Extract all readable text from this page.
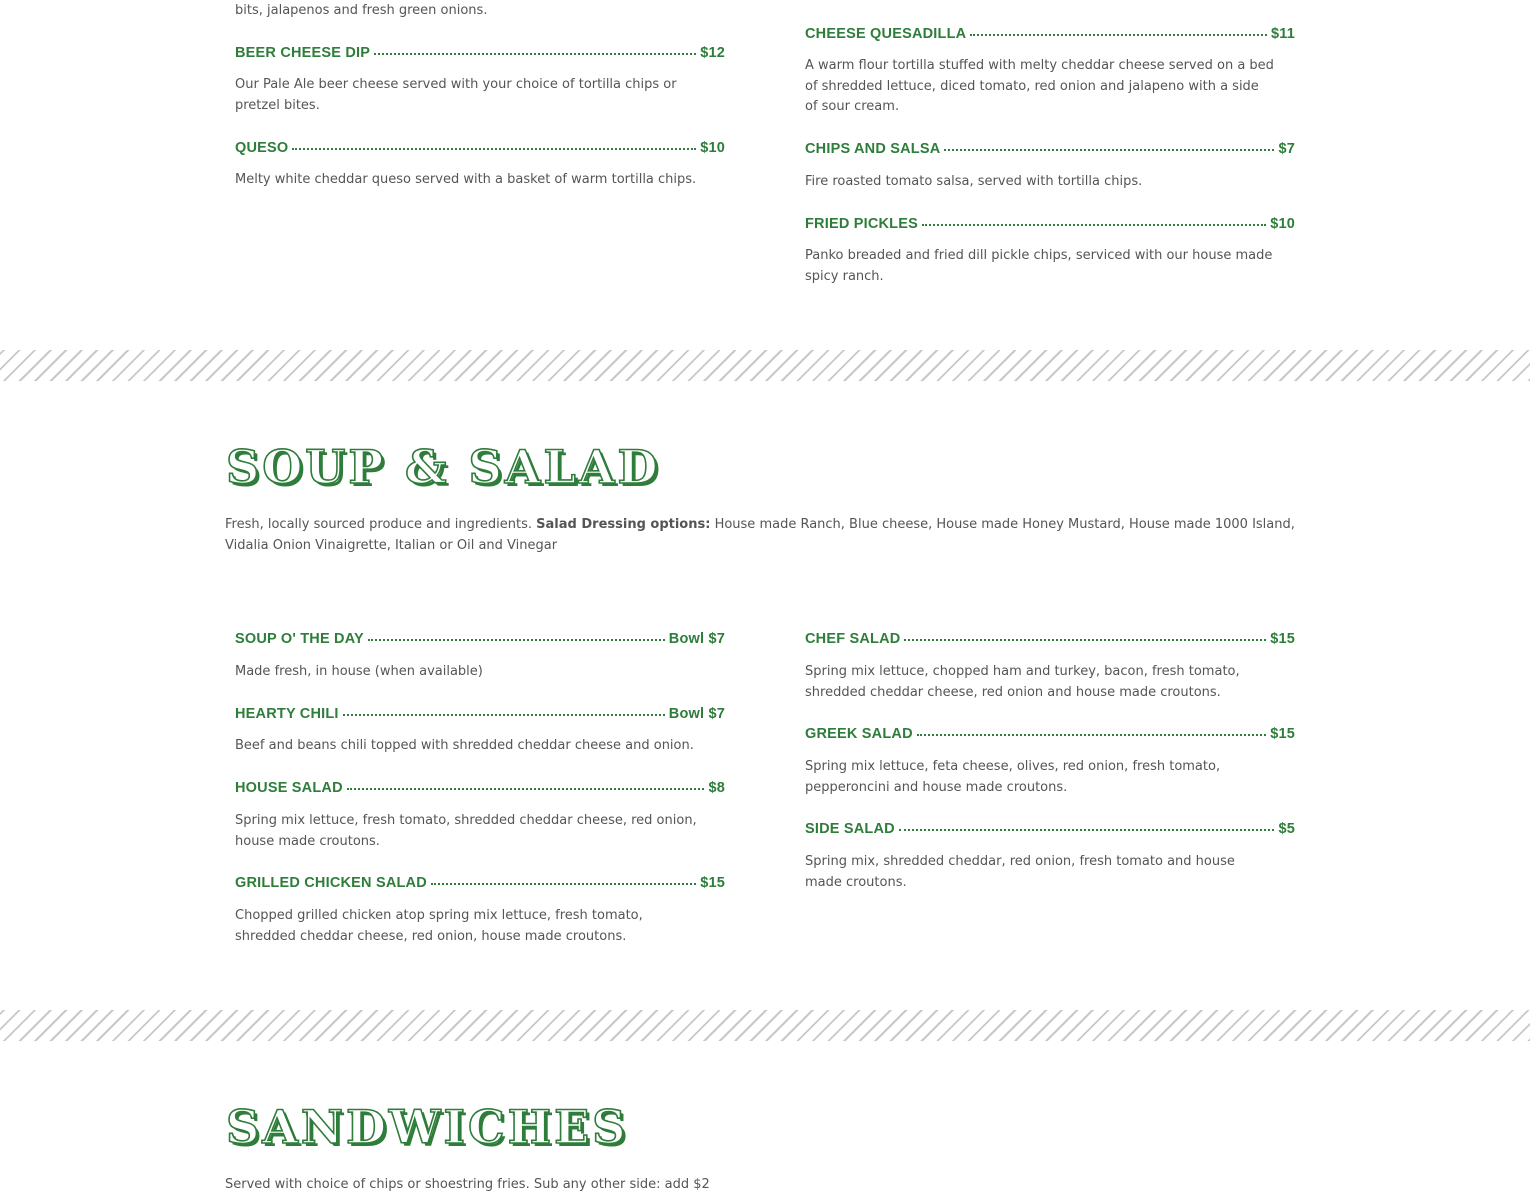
bits, jalapenos and fresh green onions.

BEER CHEESE DIP	$12

Our Pale Ale beer cheese served with your choice of tortilla chips or pretzel bites.

QUESO	$10

Melty white cheddar queso served with a basket of warm tortilla chips.

CHEESE QUESADILLA	$11

A warm flour tortilla stuffed with melty cheddar cheese served on a bed of shredded lettuce, diced tomato, red onion and jalapeno with a side of sour cream.

CHIPS AND SALSA	$7

Fire roasted tomato salsa, served with tortilla chips.

FRIED PICKLES	$10

Panko breaded and fried dill pickle chips, serviced with our house made spicy ranch.

SOUP & SALAD

Fresh, locally sourced produce and ingredients. Salad Dressing options: House made Ranch, Blue cheese, House made Honey Mustard, House made 1000 Island, Vidalia Onion Vinaigrette, Italian or Oil and Vinegar

SOUP O' THE DAY	Bowl $7

Made fresh, in house (when available)

HEARTY CHILI	Bowl $7

Beef and beans chili topped with shredded cheddar cheese and onion.

HOUSE SALAD	$8

Spring mix lettuce, fresh tomato, shredded cheddar cheese, red onion, house made croutons.

GRILLED CHICKEN SALAD	$15

Chopped grilled chicken atop spring mix lettuce, fresh tomato, shredded cheddar cheese, red onion, house made croutons.

CHEF SALAD	$15

Spring mix lettuce, chopped ham and turkey, bacon, fresh tomato, shredded cheddar cheese, red onion and house made croutons.

GREEK SALAD	$15

Spring mix lettuce, feta cheese, olives, red onion, fresh tomato, pepperoncini and house made croutons.

SIDE SALAD	$5

Spring mix, shredded cheddar, red onion, fresh tomato and house made croutons.

SANDWICHES

Served with choice of chips or shoestring fries. Sub any other side: add $2
